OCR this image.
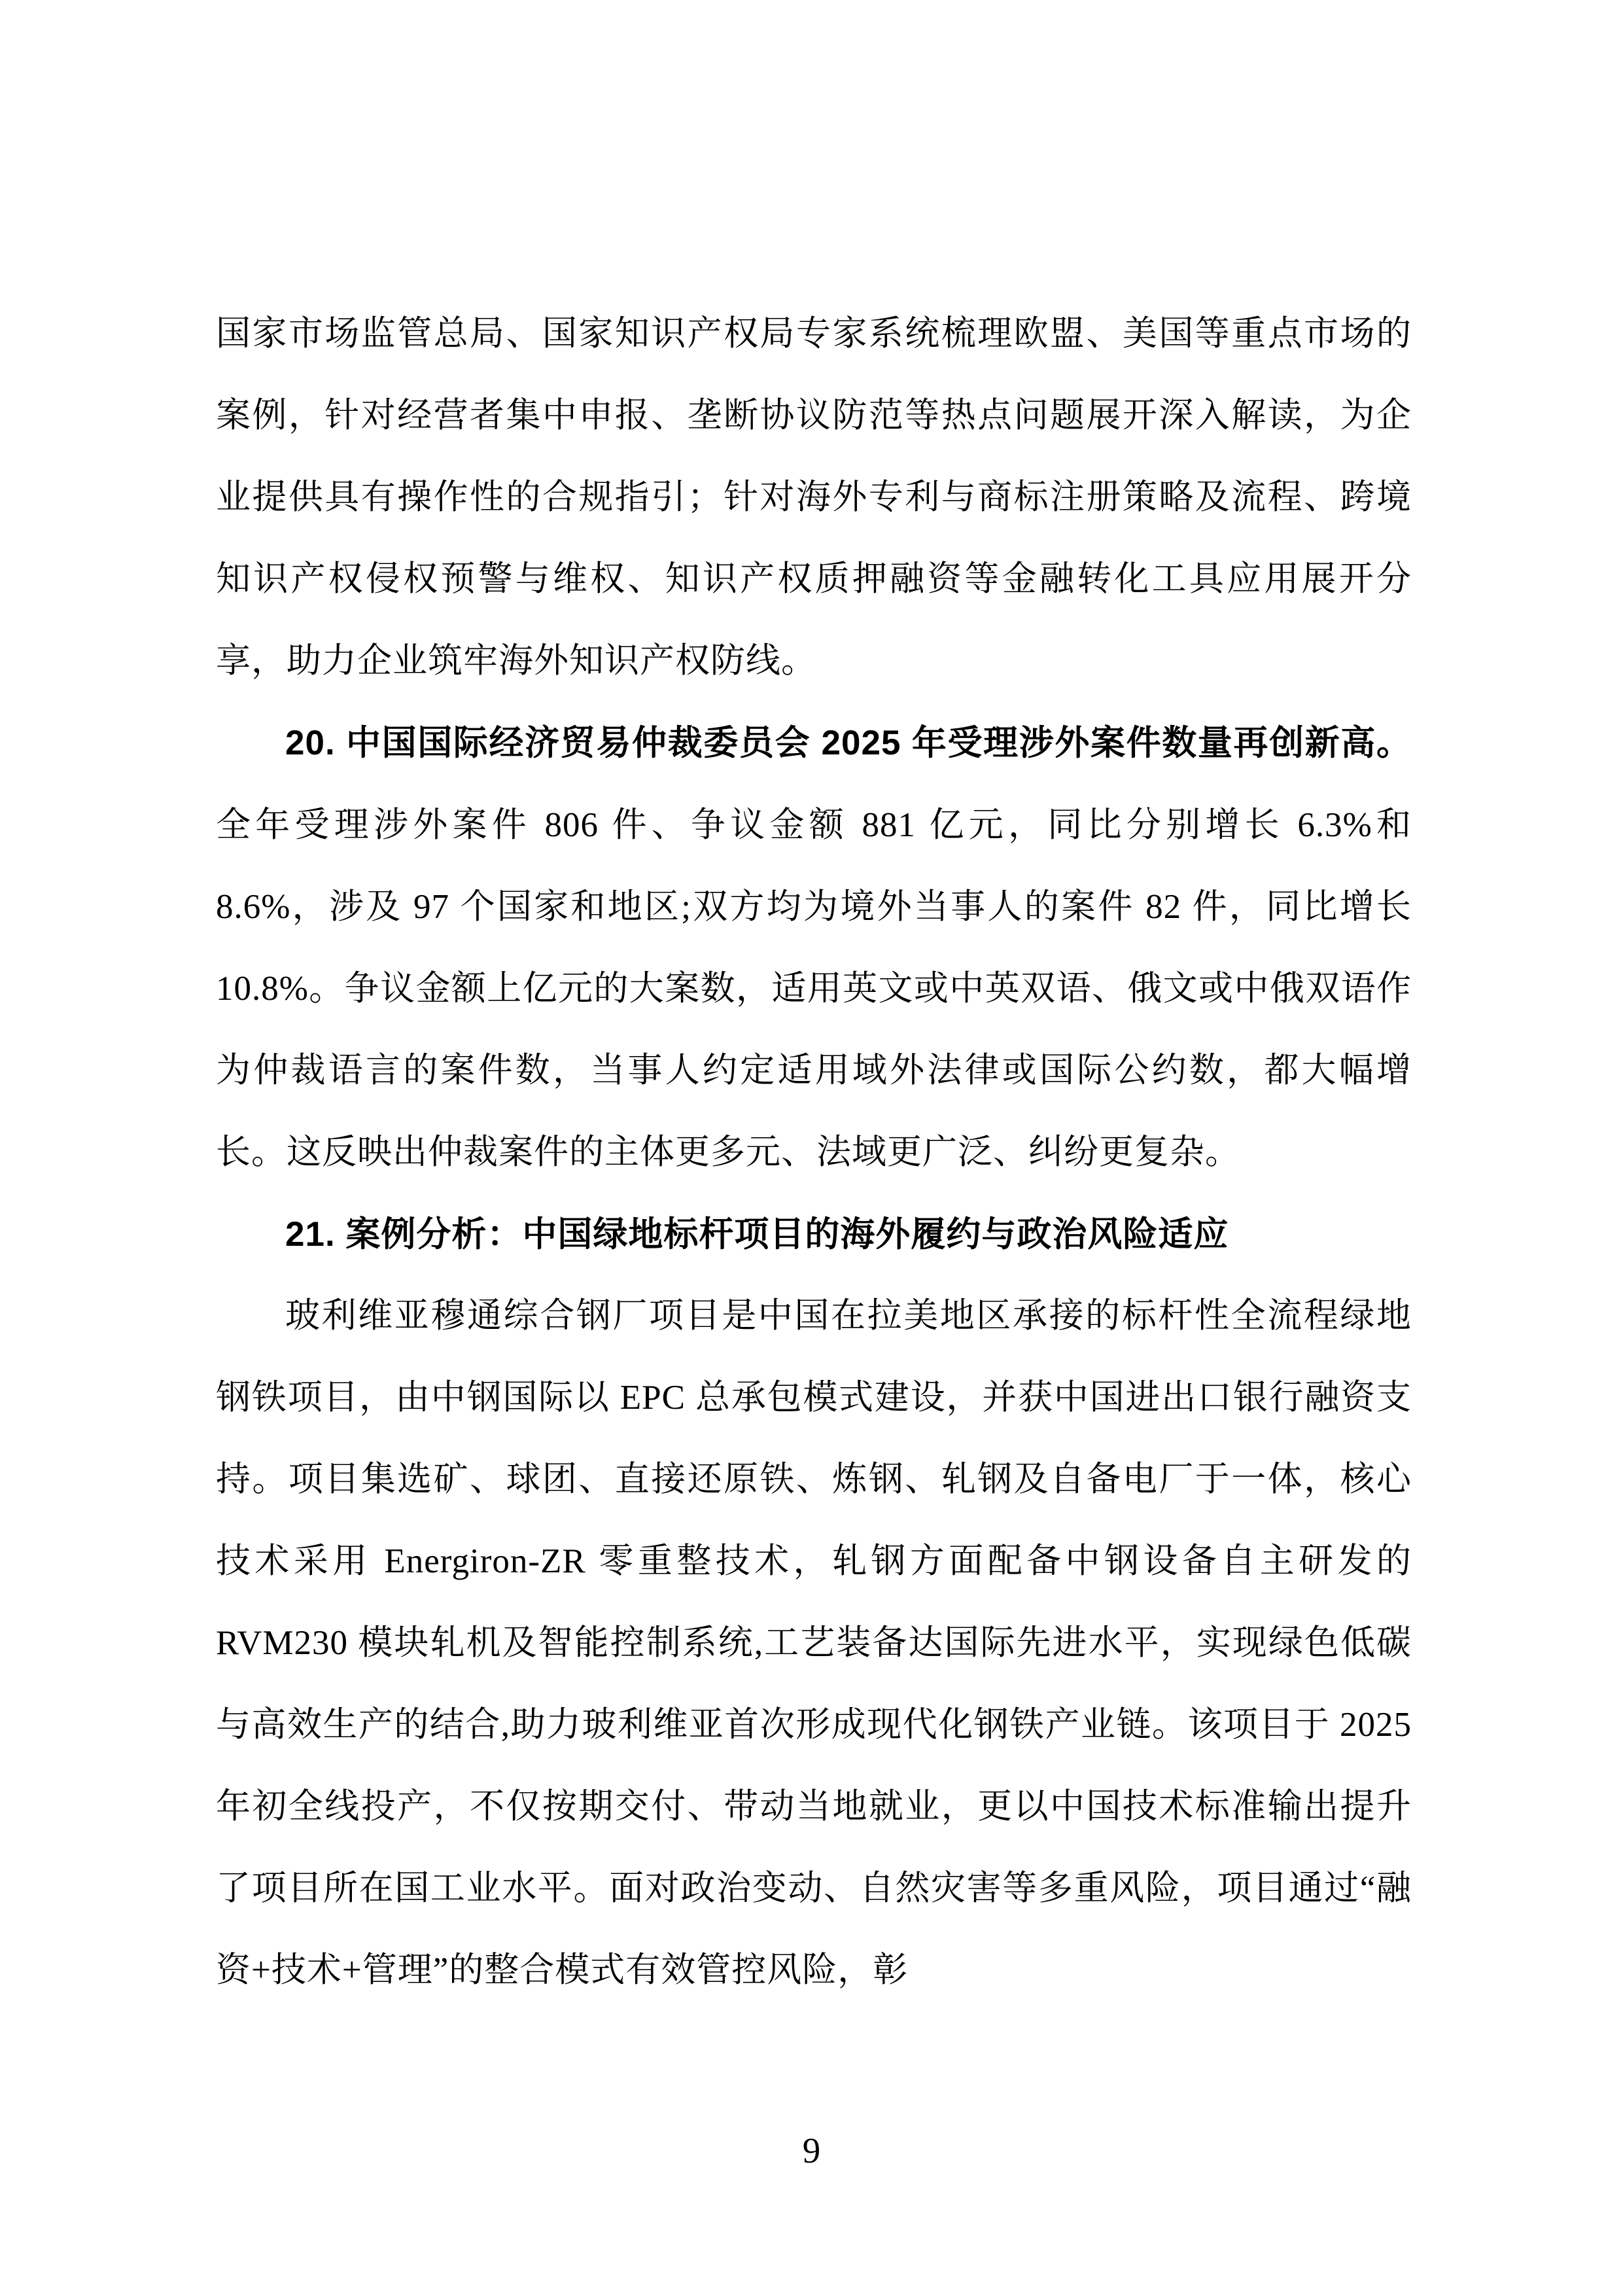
国家市场监管总局、国家知识产权局专家系统梳理欧盟、美国等重点市场的案例，针对经营者集中申报、垄断协议防范等热点问题展开深入解读，为企业提供具有操作性的合规指引；针对海外专利与商标注册策略及流程、跨境知识产权侵权预警与维权、知识产权质押融资等金融转化工具应用展开分享，助力企业筑牢海外知识产权防线。

20. 中国国际经济贸易仲裁委员会 2025 年受理涉外案件数量再创新高。全年受理涉外案件 806 件、争议金额 881 亿元，同比分别增长 6.3%和 8.6%，涉及 97 个国家和地区;双方均为境外当事人的案件 82 件，同比增长 10.8%。争议金额上亿元的大案数，适用英文或中英双语、俄文或中俄双语作为仲裁语言的案件数，当事人约定适用域外法律或国际公约数，都大幅增长。这反映出仲裁案件的主体更多元、法域更广泛、纠纷更复杂。

21. 案例分析：中国绿地标杆项目的海外履约与政治风险适应

玻利维亚穆通综合钢厂项目是中国在拉美地区承接的标杆性全流程绿地钢铁项目，由中钢国际以 EPC 总承包模式建设，并获中国进出口银行融资支持。项目集选矿、球团、直接还原铁、炼钢、轧钢及自备电厂于一体，核心技术采用 Energiron-ZR 零重整技术，轧钢方面配备中钢设备自主研发的 RVM230 模块轧机及智能控制系统,工艺装备达国际先进水平，实现绿色低碳与高效生产的结合,助力玻利维亚首次形成现代化钢铁产业链。该项目于 2025 年初全线投产，不仅按期交付、带动当地就业，更以中国技术标准输出提升了项目所在国工业水平。面对政治变动、自然灾害等多重风险，项目通过“融资+技术+管理”的整合模式有效管控风险，彰

9
